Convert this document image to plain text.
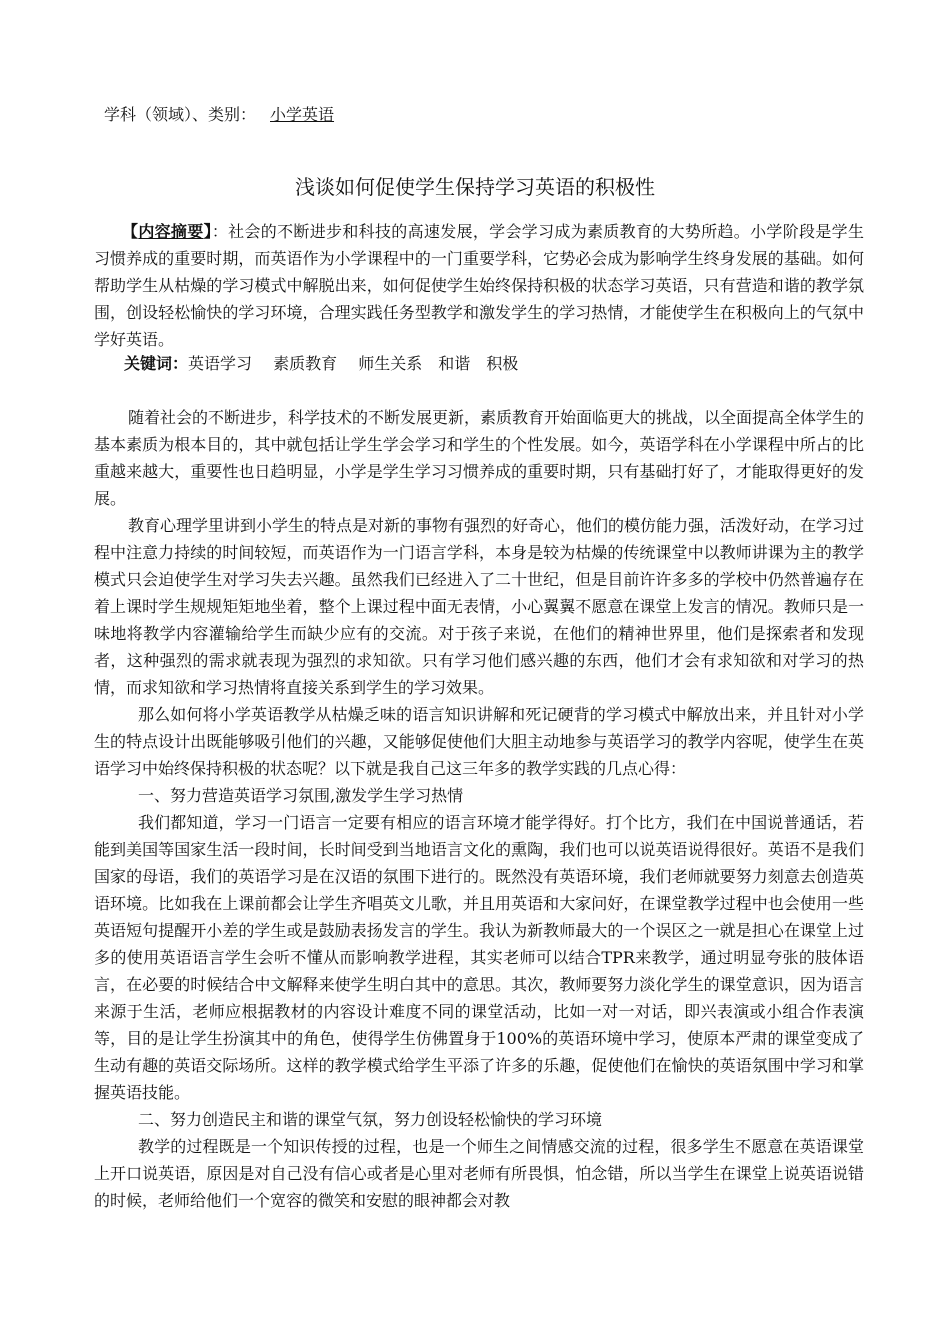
学科（领域）、类别： 小学英语
浅谈如何促使学生保持学习英语的积极性

【内容摘要】：社会的不断进步和科技的高速发展，学会学习成为素质教育的大势所趋。小学阶段是学生习惯养成的重要时期，而英语作为小学课程中的一门重要学科，它势必会成为影响学生终身发展的基础。如何帮助学生从枯燥的学习模式中解脱出来，如何促使学生始终保持积极的状态学习英语，只有营造和谐的教学氛围，创设轻松愉快的学习环境，合理实践任务型教学和激发学生的学习热情，才能使学生在积极向上的气氛中学好英语。

关键词：英语学习　 素质教育　 师生关系　和谐　积极

随着社会的不断进步，科学技术的不断发展更新，素质教育开始面临更大的挑战，以全面提高全体学生的基本素质为根本目的，其中就包括让学生学会学习和学生的个性发展。如今，英语学科在小学课程中所占的比重越来越大，重要性也日趋明显，小学是学生学习习惯养成的重要时期，只有基础打好了，才能取得更好的发展。

教育心理学里讲到小学生的特点是对新的事物有强烈的好奇心，他们的模仿能力强，活泼好动，在学习过程中注意力持续的时间较短，而英语作为一门语言学科，本身是较为枯燥的传统课堂中以教师讲课为主的教学模式只会迫使学生对学习失去兴趣。虽然我们已经进入了二十世纪，但是目前许许多多的学校中仍然普遍存在着上课时学生规规矩矩地坐着，整个上课过程中面无表情，小心翼翼不愿意在课堂上发言的情况。教师只是一味地将教学内容灌输给学生而缺少应有的交流。对于孩子来说，在他们的精神世界里，他们是探索者和发现者，这种强烈的需求就表现为强烈的求知欲。只有学习他们感兴趣的东西，他们才会有求知欲和对学习的热情，而求知欲和学习热情将直接关系到学生的学习效果。

那么如何将小学英语教学从枯燥乏味的语言知识讲解和死记硬背的学习模式中解放出来，并且针对小学生的特点设计出既能够吸引他们的兴趣，又能够促使他们大胆主动地参与英语学习的教学内容呢，使学生在英语学习中始终保持积极的状态呢？以下就是我自己这三年多的教学实践的几点心得：

一、努力营造英语学习氛围,激发学生学习热情

我们都知道，学习一门语言一定要有相应的语言环境才能学得好。打个比方，我们在中国说普通话，若能到美国等国家生活一段时间，长时间受到当地语言文化的熏陶，我们也可以说英语说得很好。英语不是我们国家的母语，我们的英语学习是在汉语的氛围下进行的。既然没有英语环境，我们老师就要努力刻意去创造英语环境。比如我在上课前都会让学生齐唱英文儿歌，并且用英语和大家问好，在课堂教学过程中也会使用一些英语短句提醒开小差的学生或是鼓励表扬发言的学生。我认为新教师最大的一个误区之一就是担心在课堂上过多的使用英语语言学生会听不懂从而影响教学进程，其实老师可以结合TPR来教学，通过明显夸张的肢体语言，在必要的时候结合中文解释来使学生明白其中的意思。其次，教师要努力淡化学生的课堂意识，因为语言来源于生活，老师应根据教材的内容设计难度不同的课堂活动，比如一对一对话，即兴表演或小组合作表演等，目的是让学生扮演其中的角色，使得学生仿佛置身于100%的英语环境中学习，使原本严肃的课堂变成了生动有趣的英语交际场所。这样的教学模式给学生平添了许多的乐趣，促使他们在愉快的英语氛围中学习和掌握英语技能。

二、努力创造民主和谐的课堂气氛，努力创设轻松愉快的学习环境

教学的过程既是一个知识传授的过程，也是一个师生之间情感交流的过程，很多学生不愿意在英语课堂上开口说英语，原因是对自己没有信心或者是心里对老师有所畏惧，怕念错，所以当学生在课堂上说英语说错的时候，老师给他们一个宽容的微笑和安慰的眼神都会对教
